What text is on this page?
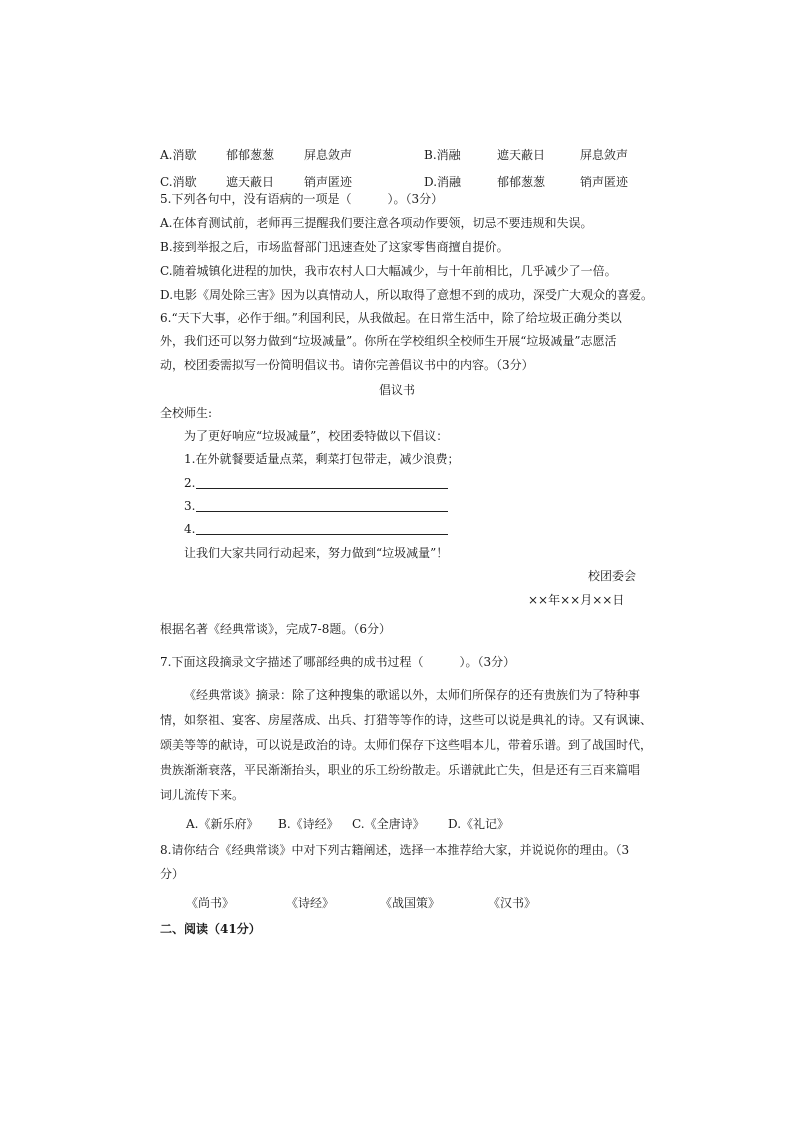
A.消歇 郁郁葱葱 屏息敛声	B.消融	遮天蔽日	屏息敛声
C.消歇 遮天蔽日 销声匿迹	D.消融	郁郁葱葱	销声匿迹
5.下列各句中，没有语病的一项是（　　　）。（3分）
A.在体育测试前，老师再三提醒我们要注意各项动作要领，切忌不要违规和失误。
B.接到举报之后，市场监督部门迅速查处了这家零售商擅自提价。
C.随着城镇化进程的加快，我市农村人口大幅减少，与十年前相比，几乎减少了一倍。
D.电影《周处除三害》因为以真情动人，所以取得了意想不到的成功，深受广大观众的喜爱。
6.“天下大事，必作于细。”利国利民，从我做起。在日常生活中，除了给垃圾正确分类以
外，我们还可以努力做到“垃圾减量”。你所在学校组织全校师生开展“垃圾减量”志愿活
动，校团委需拟写一份简明倡议书。请你完善倡议书中的内容。（3分）
倡议书
全校师生:
为了更好响应“垃圾减量”，校团委特做以下倡议：
1.在外就餐要适量点菜，剩菜打包带走，减少浪费；
2.
3.
4.
让我们大家共同行动起来，努力做到“垃圾减量”！
校团委会
××年××月××日
根据名著《经典常谈》，完成7-8题。（6分）
7.下面这段摘录文字描述了哪部经典的成书过程（　　　）。（3分）
《经典常谈》摘录：除了这种搜集的歌谣以外，太师们所保存的还有贵族们为了特种事
情，如祭祖、宴客、房屋落成、出兵、打猎等等作的诗，这些可以说是典礼的诗。又有讽谏、
颂美等等的献诗，可以说是政治的诗。太师们保存下这些唱本儿，带着乐谱。到了战国时代，
贵族渐渐衰落，平民渐渐抬头，职业的乐工纷纷散走。乐谱就此亡失，但是还有三百来篇唱
词儿流传下来。
A.《新乐府》 B.《诗经》 C.《全唐诗》 D.《礼记》
8.请你结合《经典常谈》中对下列古籍阐述，选择一本推荐给大家，并说说你的理由。（3
分）
《尚书》	《诗经》	《战国策》	《汉书》
二、阅读（41分）
